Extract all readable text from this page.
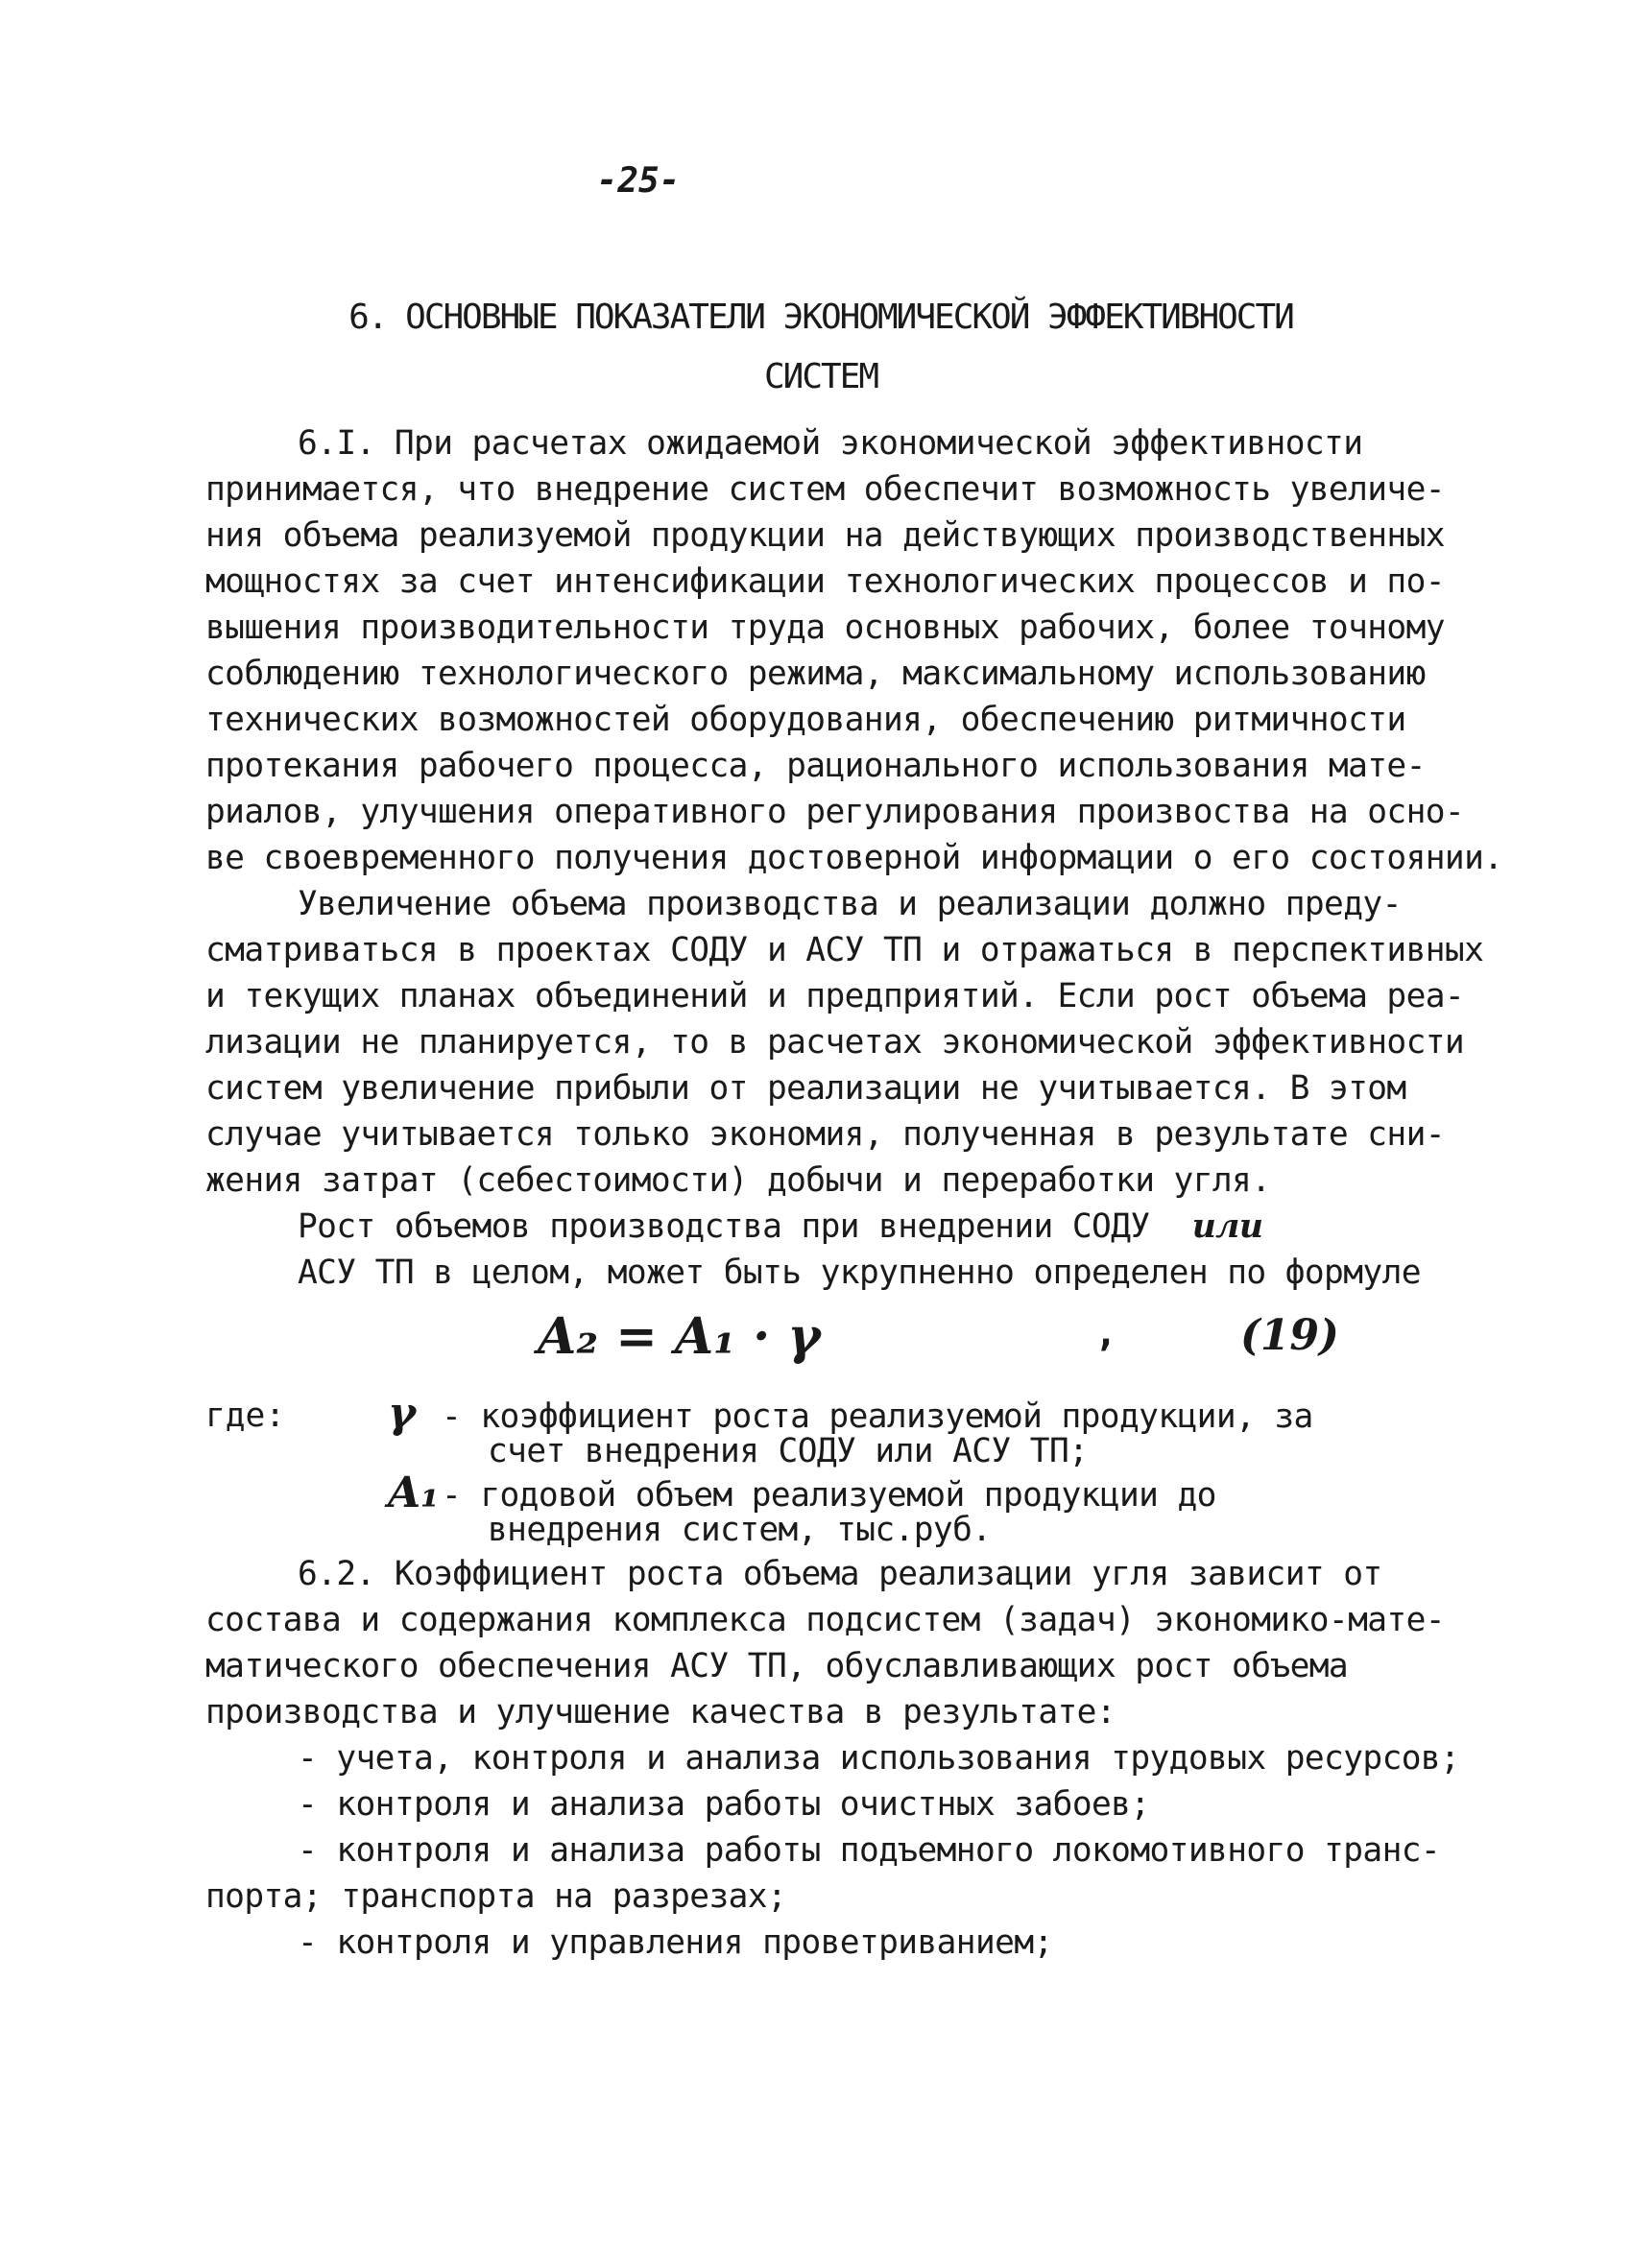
-25-
6. ОСНОВНЫЕ ПОКАЗАТЕЛИ ЭКОНОМИЧЕСКОЙ ЭФФЕКТИВНОСТИ
СИСТЕМ
6.I. При расчетах ожидаемой экономической эффективности
принимается, что внедрение систем обеспечит возможность увеличе-
ния объема реализуемой продукции на действующих производственных
мощностях за счет интенсификации технологических процессов и по-
вышения производительности труда основных рабочих, более точному
соблюдению технологического режима, максимальному использованию
технических возможностей оборудования, обеспечению ритмичности
протекания рабочего процесса, рационального использования мате-
риалов, улучшения оперативного регулирования произвоства на осно-
ве своевременного получения достоверной информации о его состоянии.
Увеличение объема производства и реализации должно преду-
сматриваться в проектах СОДУ и АСУ ТП и отражаться в перспективных
и текущих планах объединений и предприятий. Если рост объема реа-
лизации не планируется, то в расчетах экономической эффективности
систем увеличение прибыли от реализации не учитывается. В этом
случае учитывается только экономия, полученная в результате сни-
жения затрат (себестоимости) добычи и переработки угля.
Рост объемов производства при внедрении СОДУ или
АСУ ТП в целом, может быть укрупненно определен по формуле
A₂ = A₁ · γ	,	(19)
где: γ - коэффициент роста реализуемой продукции, за
счет внедрения СОДУ или АСУ ТП;
A₁ - годовой объем реализуемой продукции до
внедрения систем, тыс.руб.
6.2. Коэффициент роста объема реализации угля зависит от
состава и содержания комплекса подсистем (задач) экономико-мате-
матического обеспечения АСУ ТП, обуславливающих рост объема
производства и улучшение качества в результате:
- учета, контроля и анализа использования трудовых ресурсов;
- контроля и анализа работы очистных забоев;
- контроля и анализа работы подъемного локомотивного транс-
порта; транспорта на разрезах;
- контроля и управления проветриванием;
